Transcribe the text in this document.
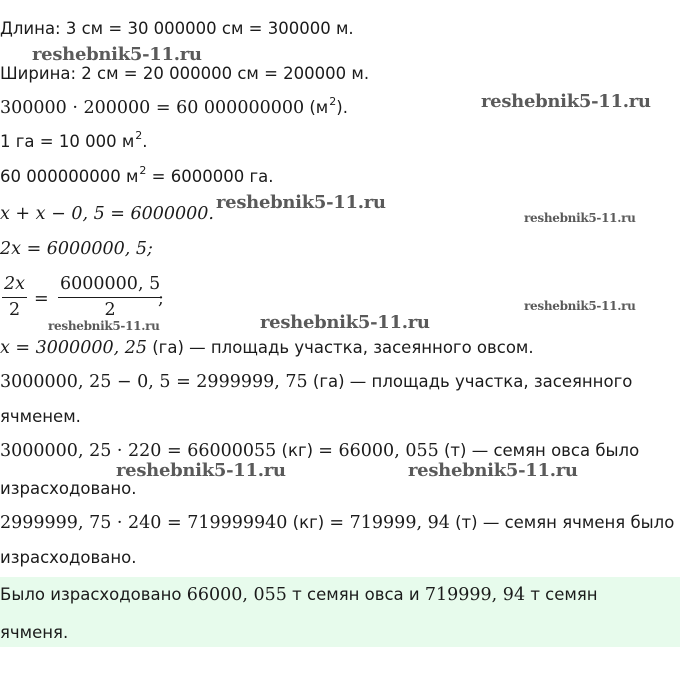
Длина: 3 см = 30 000000 см = 300000 м.
Ширина: 2 см = 20 000000 см = 200000 м.
300000 · 200000 = 60 000000000 $(м^2)$.
1 га = 10 000 $м^2$.
60 000000000 $м^2 = 6000000$ га.
x + x − 0, 5 = 6000000.
2x = 6000000, 5;
2x
2
=
6000000, 5
2
;
x = 3000000, 25 (га) — площадь участка, засеянного овсом.
3000000, 25 − 0, 5 = 2999999, 75 (га) — площадь участка, засеянного
ячменем.
3000000, 25 · 220 = 66000055 (кг) = 66000, 055 (т) — семян овса было
израсходовано.
2999999, 75 · 240 = 719999940 (кг) = 719999, 94 (т) — семян ячменя было
израсходовано.
Было израсходовано 66000, 055 т семян овса и 719999, 94 т семян
ячменя.
reshebnik5-11.ru
reshebnik5-11.ru
reshebnik5-11.ru
reshebnik5-11.ru
reshebnik5-11.ru
reshebnik5-11.ru
reshebnik5-11.ru
reshebnik5-11.ru	reshebnik5-11.ru
